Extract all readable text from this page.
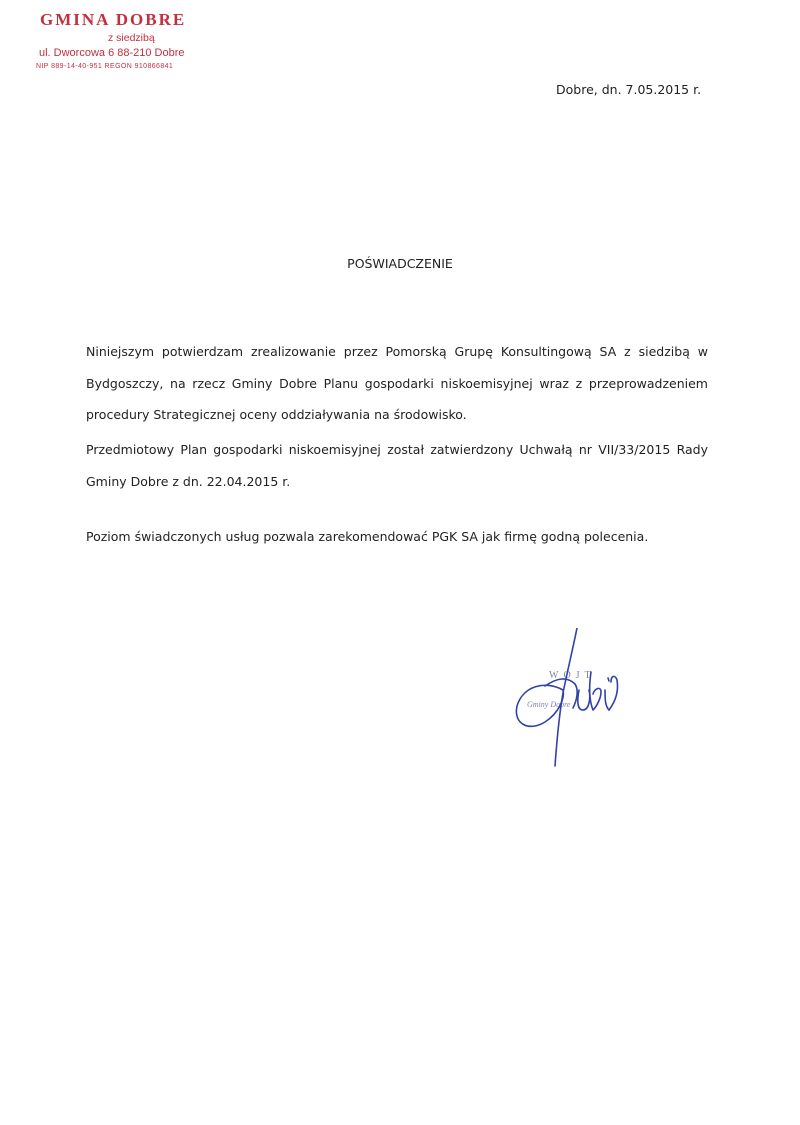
GMINA DOBRE
z siedzibą
ul. Dworcowa 6 88-210 Dobre
NIP 889-14-40-951 REGON 910866841
Dobre, dn. 7.05.2015 r.
POŚWIADCZENIE
Niniejszym potwierdzam zrealizowanie przez Pomorską Grupę Konsultingową SA z siedzibą w Bydgoszczy, na rzecz Gminy Dobre Planu gospodarki niskoemisyjnej wraz z przeprowadzeniem procedury Strategicznej oceny oddziaływania na środowisko.
Przedmiotowy Plan gospodarki niskoemisyjnej został zatwierdzony Uchwałą nr VII/33/2015 Rady Gminy Dobre z dn. 22.04.2015 r.
Poziom świadczonych usług pozwala zarekomendować PGK SA jak firmę godną polecenia.
WÓJT
Gminy Dobre
